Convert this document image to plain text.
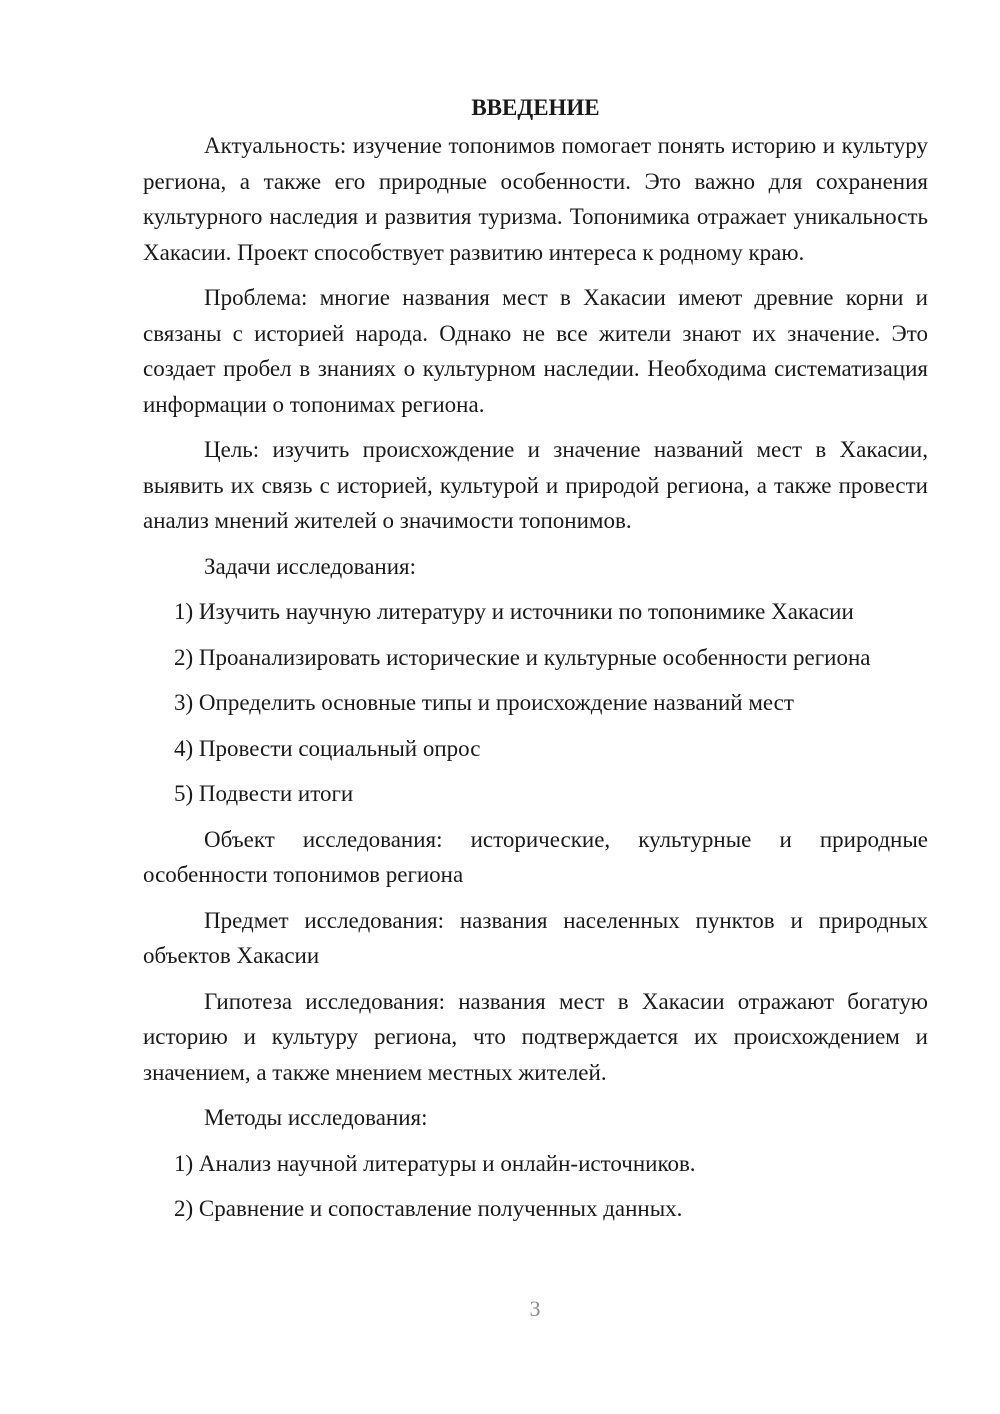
ВВЕДЕНИЕ

Актуальность: изучение топонимов помогает понять историю и культуру региона, а также его природные особенности. Это важно для сохранения культурного наследия и развития туризма. Топонимика отражает уникальность Хакасии. Проект способствует развитию интереса к родному краю.

Проблема: многие названия мест в Хакасии имеют древние корни и связаны с историей народа. Однако не все жители знают их значение. Это создает пробел в знаниях о культурном наследии. Необходима систематизация информации о топонимах региона.

Цель: изучить происхождение и значение названий мест в Хакасии, выявить их связь с историей, культурой и природой региона, а также провести анализ мнений жителей о значимости топонимов.

Задачи исследования:

1) Изучить научную литературу и источники по топонимике Хакасии

2) Проанализировать исторические и культурные особенности региона

3) Определить основные типы и происхождение названий мест

4) Провести социальный опрос

5) Подвести итоги

Объект исследования: исторические, культурные и природные особенности топонимов региона

Предмет исследования: названия населенных пунктов и природных объектов Хакасии

Гипотеза исследования: названия мест в Хакасии отражают богатую историю и культуру региона, что подтверждается их происхождением и значением, а также мнением местных жителей.

Методы исследования:

1) Анализ научной литературы и онлайн-источников.

2) Сравнение и сопоставление полученных данных.

3
